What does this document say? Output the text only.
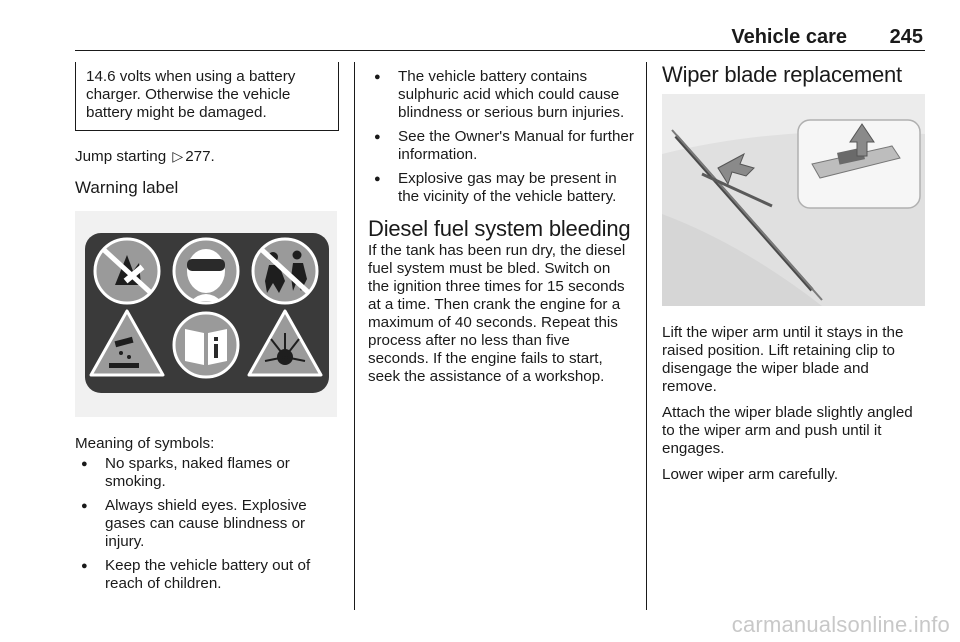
Vehicle care 245

14.6 volts when using a battery charger. Otherwise the vehicle battery might be damaged.

Jump starting ▷ 277.

Warning label

Meaning of symbols:

● No sparks, naked flames or smoking.
● Always shield eyes. Explosive gases can cause blindness or injury.
● Keep the vehicle battery out of reach of children.
● The vehicle battery contains sulphuric acid which could cause blindness or serious burn injuries.
● See the Owner's Manual for further information.
● Explosive gas may be present in the vicinity of the vehicle battery.
Diesel fuel system bleeding

If the tank has been run dry, the diesel fuel system must be bled. Switch on the ignition three times for 15 seconds at a time. Then crank the engine for a maximum of 40 seconds. Repeat this process after no less than five seconds. If the engine fails to start, seek the assistance of a workshop.

Wiper blade replacement

Lift the wiper arm until it stays in the raised position. Lift retaining clip to disengage the wiper blade and remove.

Attach the wiper blade slightly angled to the wiper arm and push until it engages.

Lower wiper arm carefully.

carmanualsonline.info
